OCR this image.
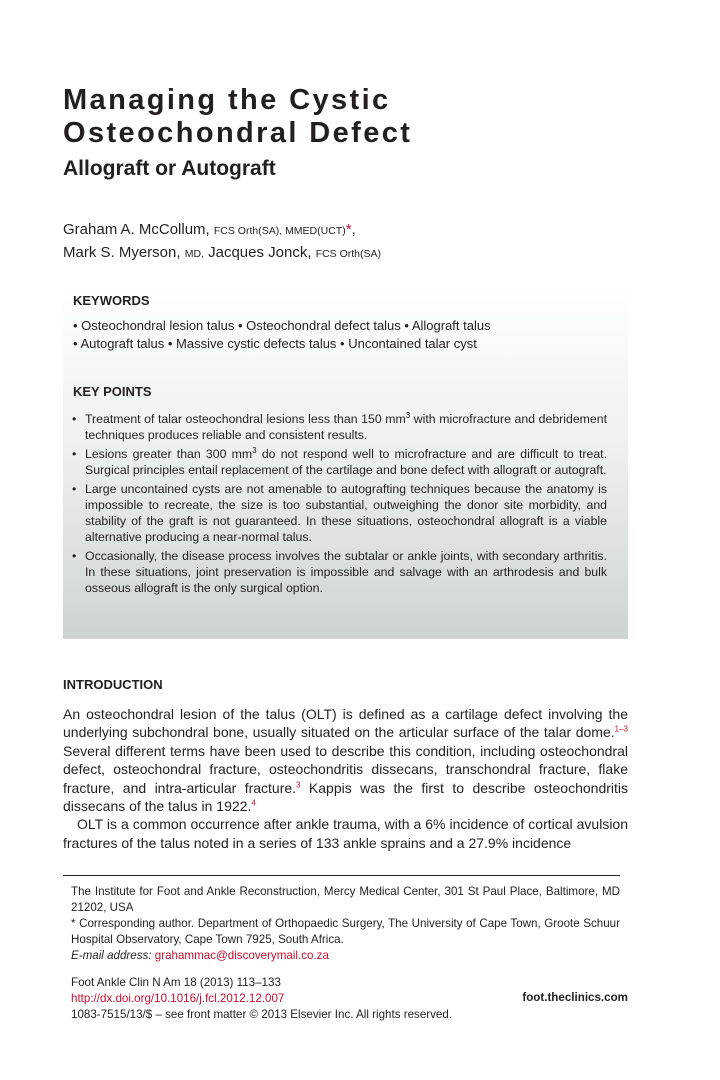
Managing the Cystic
Osteochondral Defect
Allograft or Autograft
Graham A. McCollum, FCS Orth(SA), MMED(UCT)*,
Mark S. Myerson, MD, Jacques Jonck, FCS Orth(SA)
KEYWORDS
• Osteochondral lesion talus • Osteochondral defect talus • Allograft talus
• Autograft talus • Massive cystic defects talus • Uncontained talar cyst
KEY POINTS
• Treatment of talar osteochondral lesions less than 150 $mm^3$ with microfracture and debridement techniques produces reliable and consistent results.
• Lesions greater than 300 $mm^3$ do not respond well to microfracture and are difficult to treat. Surgical principles entail replacement of the cartilage and bone defect with allograft or autograft.
• Large uncontained cysts are not amenable to autografting techniques because the anatomy is impossible to recreate, the size is too substantial, outweighing the donor site morbidity, and stability of the graft is not guaranteed. In these situations, osteochondral allograft is a viable alternative producing a near-normal talus.
• Occasionally, the disease process involves the subtalar or ankle joints, with secondary arthritis. In these situations, joint preservation is impossible and salvage with an arthrodesis and bulk osseous allograft is the only surgical option.
INTRODUCTION

An osteochondral lesion of the talus (OLT) is defined as a cartilage defect involving the underlying subchondral bone, usually situated on the articular surface of the talar dome.$^{1-3}$ Several different terms have been used to describe this condition, including osteochondral defect, osteochondral fracture, osteochondritis dissecans, transchondral fracture, flake fracture, and intra-articular fracture.$^3$ Kappis was the first to describe osteochondritis dissecans of the talus in 1922.$^4$

OLT is a common occurrence after ankle trauma, with a 6% incidence of cortical avulsion fractures of the talus noted in a series of 133 ankle sprains and a 27.9% incidence

The Institute for Foot and Ankle Reconstruction, Mercy Medical Center, 301 St Paul Place, Baltimore, MD 21202, USA

* Corresponding author. Department of Orthopaedic Surgery, The University of Cape Town, Groote Schuur Hospital Observatory, Cape Town 7925, South Africa.

E-mail address: grahammac@discoverymail.co.za

Foot Ankle Clin N Am 18 (2013) 113–133
http://dx.doi.org/10.1016/j.fcl.2012.12.007
1083-7515/13/$ – see front matter © 2013 Elsevier Inc. All rights reserved.
foot.theclinics.com
